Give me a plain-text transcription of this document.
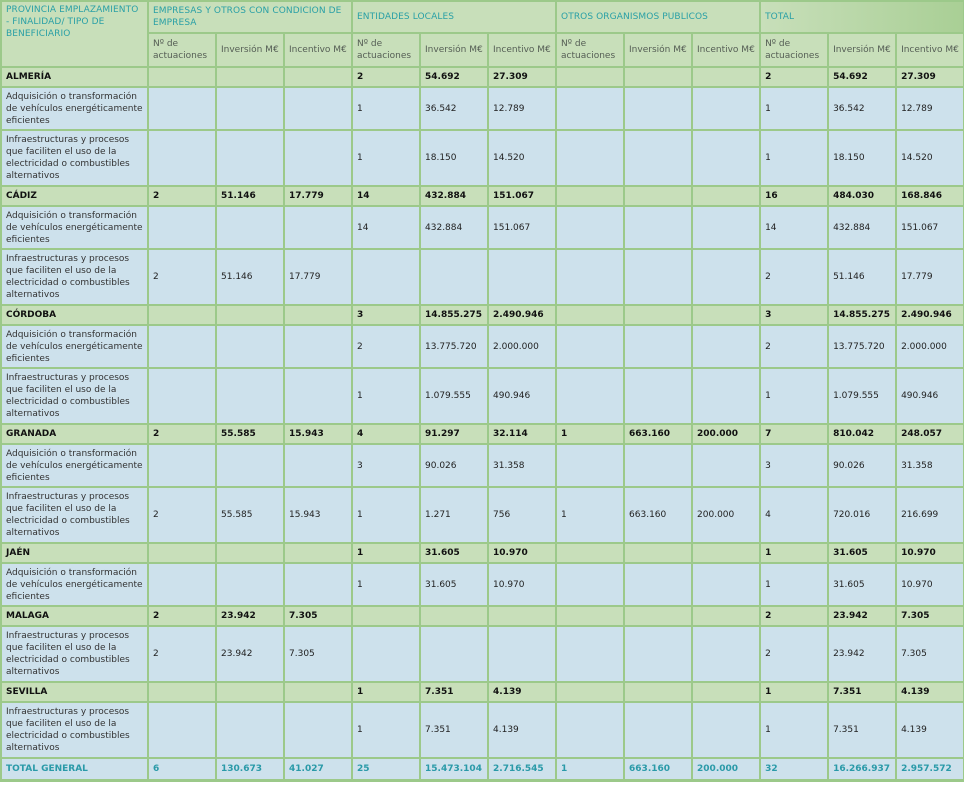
PROVINCIA EMPLAZAMIENTO - FINALIDAD/ TIPO DE BENEFICIARIO	EMPRESAS Y OTROS CON CONDICION DE EMPRESA			ENTIDADES LOCALES			OTROS ORGANISMOS PUBLICOS			TOTAL		
	Nº de actuaciones	Inversión M€	Incentivo M€	Nº de actuaciones	Inversión M€	Incentivo M€	Nº de actuaciones	Inversión M€	Incentivo M€	Nº de actuaciones	Inversión M€	Incentivo M€
ALMERÍA				2	54.692	27.309				2	54.692	27.309
Adquisición o transformación de vehículos energéticamente eficientes				1	36.542	12.789				1	36.542	12.789
Infraestructuras y procesos que faciliten el uso de la electricidad o combustibles alternativos				1	18.150	14.520				1	18.150	14.520
CÁDIZ	2	51.146	17.779	14	432.884	151.067				16	484.030	168.846
Adquisición o transformación de vehículos energéticamente eficientes				14	432.884	151.067				14	432.884	151.067
Infraestructuras y procesos que faciliten el uso de la electricidad o combustibles alternativos	2	51.146	17.779							2	51.146	17.779
CÓRDOBA				3	14.855.275	2.490.946				3	14.855.275	2.490.946
Adquisición o transformación de vehículos energéticamente eficientes				2	13.775.720	2.000.000				2	13.775.720	2.000.000
Infraestructuras y procesos que faciliten el uso de la electricidad o combustibles alternativos				1	1.079.555	490.946				1	1.079.555	490.946
GRANADA	2	55.585	15.943	4	91.297	32.114	1	663.160	200.000	7	810.042	248.057
Adquisición o transformación de vehículos energéticamente eficientes				3	90.026	31.358				3	90.026	31.358
Infraestructuras y procesos que faciliten el uso de la electricidad o combustibles alternativos	2	55.585	15.943	1	1.271	756	1	663.160	200.000	4	720.016	216.699
JAÉN				1	31.605	10.970				1	31.605	10.970
Adquisición o transformación de vehículos energéticamente eficientes				1	31.605	10.970				1	31.605	10.970
MALAGA	2	23.942	7.305							2	23.942	7.305
Infraestructuras y procesos que faciliten el uso de la electricidad o combustibles alternativos	2	23.942	7.305							2	23.942	7.305
SEVILLA				1	7.351	4.139				1	7.351	4.139
Infraestructuras y procesos que faciliten el uso de la electricidad o combustibles alternativos				1	7.351	4.139				1	7.351	4.139
TOTAL GENERAL	6	130.673	41.027	25	15.473.104	2.716.545	1	663.160	200.000	32	16.266.937	2.957.572
